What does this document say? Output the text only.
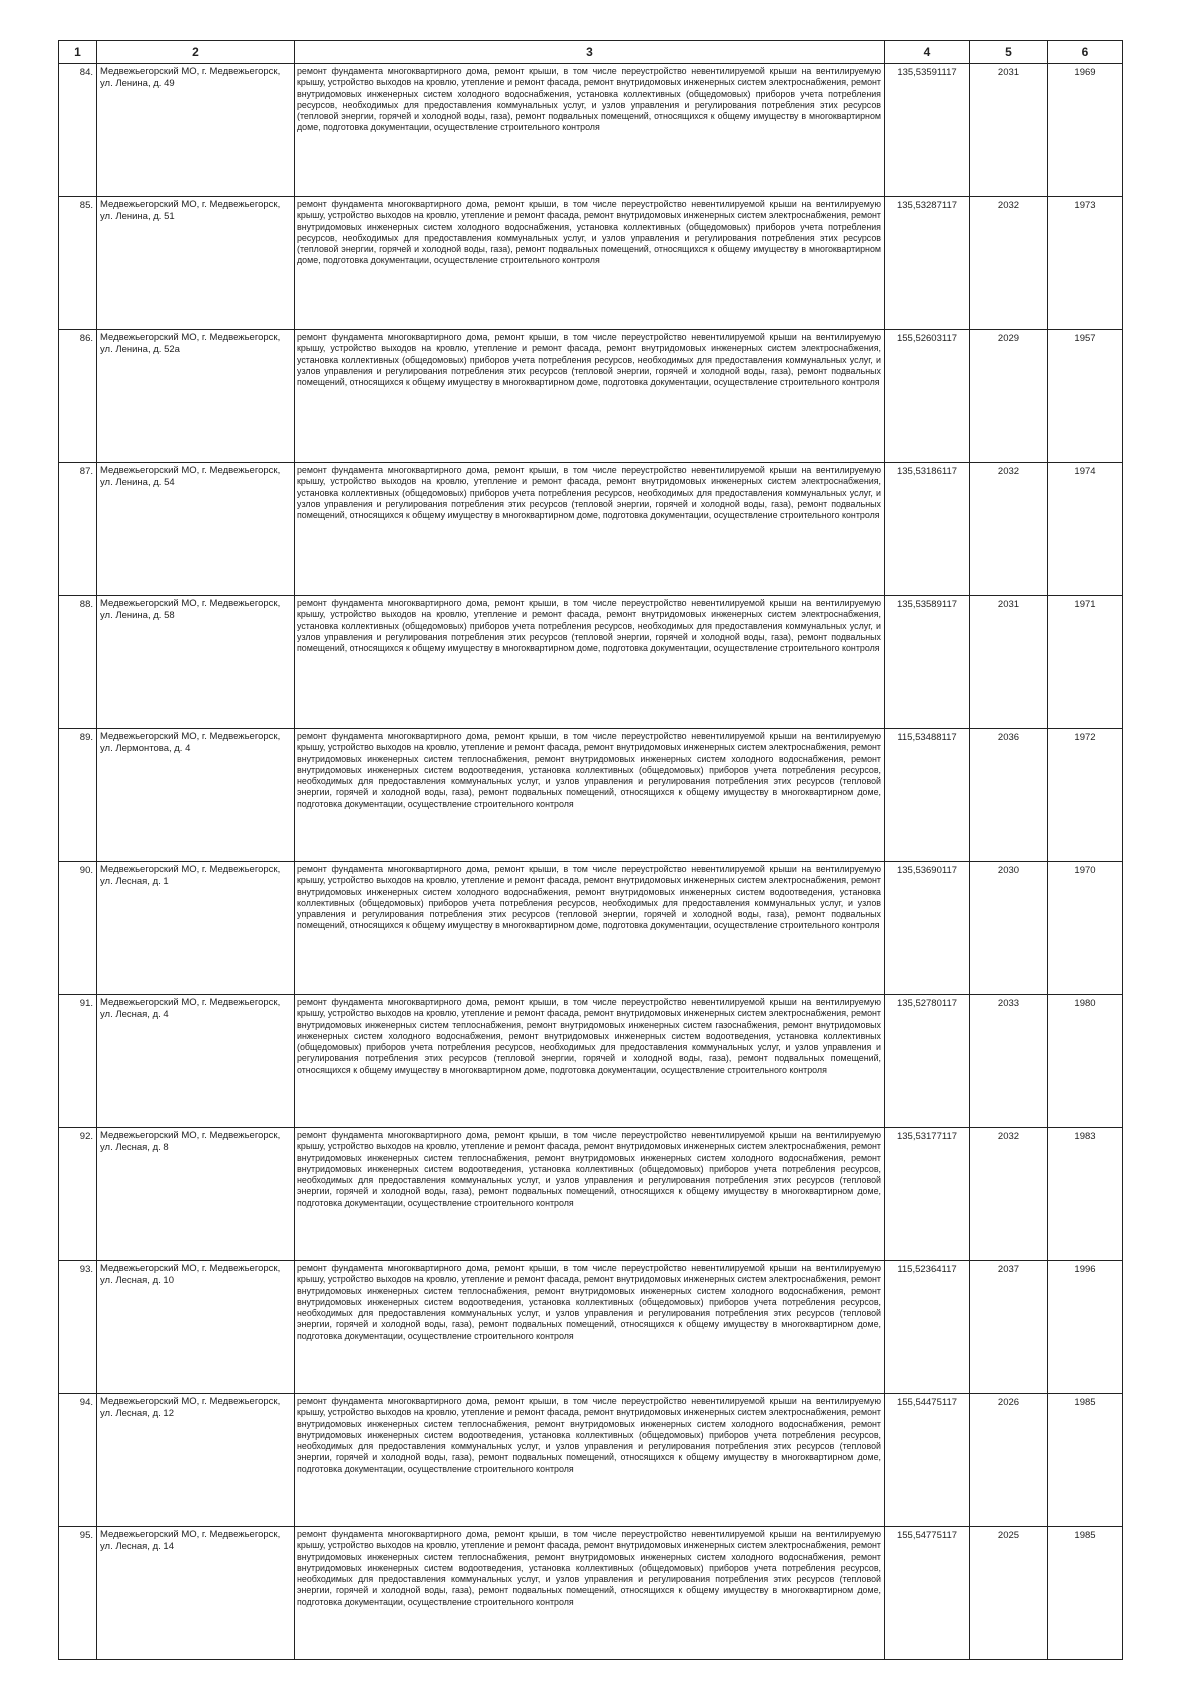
1	2	3	4	5	6
84.	Медвежьегорский МО, г. Медвежьегорск, ул. Ленина, д. 49	ремонт фундамента многоквартирного дома, ремонт крыши, в том числе переустройство невентилируемой крыши на вентилируемую крышу, устройство выходов на кровлю, утепление и ремонт фасада, ремонт внутридомовых инженерных систем электроснабжения, ремонт внутридомовых инженерных систем холодного водоснабжения, установка коллективных (общедомовых) приборов учета потребления ресурсов, необходимых для предоставления коммунальных услуг, и узлов управления и регулирования потребления этих ресурсов (тепловой энергии, горячей и холодной воды, газа), ремонт подвальных помещений, относящихся к общему имуществу в многоквартирном доме, подготовка документации, осуществление строительного контроля	135,53591117	2031	1969
85.	Медвежьегорский МО, г. Медвежьегорск, ул. Ленина, д. 51	ремонт фундамента многоквартирного дома, ремонт крыши, в том числе переустройство невентилируемой крыши на вентилируемую крышу, устройство выходов на кровлю, утепление и ремонт фасада, ремонт внутридомовых инженерных систем электроснабжения, ремонт внутридомовых инженерных систем холодного водоснабжения, установка коллективных (общедомовых) приборов учета потребления ресурсов, необходимых для предоставления коммунальных услуг, и узлов управления и регулирования потребления этих ресурсов (тепловой энергии, горячей и холодной воды, газа), ремонт подвальных помещений, относящихся к общему имуществу в многоквартирном доме, подготовка документации, осуществление строительного контроля	135,53287117	2032	1973
86.	Медвежьегорский МО, г. Медвежьегорск, ул. Ленина, д. 52а	ремонт фундамента многоквартирного дома, ремонт крыши, в том числе переустройство невентилируемой крыши на вентилируемую крышу, устройство выходов на кровлю, утепление и ремонт фасада, ремонт внутридомовых инженерных систем электроснабжения, установка коллективных (общедомовых) приборов учета потребления ресурсов, необходимых для предоставления коммунальных услуг, и узлов управления и регулирования потребления этих ресурсов (тепловой энергии, горячей и холодной воды, газа), ремонт подвальных помещений, относящихся к общему имуществу в многоквартирном доме, подготовка документации, осуществление строительного контроля	155,52603117	2029	1957
87.	Медвежьегорский МО, г. Медвежьегорск, ул. Ленина, д. 54	ремонт фундамента многоквартирного дома, ремонт крыши, в том числе переустройство невентилируемой крыши на вентилируемую крышу, устройство выходов на кровлю, утепление и ремонт фасада, ремонт внутридомовых инженерных систем электроснабжения, установка коллективных (общедомовых) приборов учета потребления ресурсов, необходимых для предоставления коммунальных услуг, и узлов управления и регулирования потребления этих ресурсов (тепловой энергии, горячей и холодной воды, газа), ремонт подвальных помещений, относящихся к общему имуществу в многоквартирном доме, подготовка документации, осуществление строительного контроля	135,53186117	2032	1974
88.	Медвежьегорский МО, г. Медвежьегорск, ул. Ленина, д. 58	ремонт фундамента многоквартирного дома, ремонт крыши, в том числе переустройство невентилируемой крыши на вентилируемую крышу, устройство выходов на кровлю, утепление и ремонт фасада, ремонт внутридомовых инженерных систем электроснабжения, установка коллективных (общедомовых) приборов учета потребления ресурсов, необходимых для предоставления коммунальных услуг, и узлов управления и регулирования потребления этих ресурсов (тепловой энергии, горячей и холодной воды, газа), ремонт подвальных помещений, относящихся к общему имуществу в многоквартирном доме, подготовка документации, осуществление строительного контроля	135,53589117	2031	1971
89.	Медвежьегорский МО, г. Медвежьегорск, ул. Лермонтова, д. 4	ремонт фундамента многоквартирного дома, ремонт крыши, в том числе переустройство невентилируемой крыши на вентилируемую крышу, устройство выходов на кровлю, утепление и ремонт фасада, ремонт внутридомовых инженерных систем электроснабжения, ремонт внутридомовых инженерных систем теплоснабжения, ремонт внутридомовых инженерных систем холодного водоснабжения, ремонт внутридомовых инженерных систем водоотведения, установка коллективных (общедомовых) приборов учета потребления ресурсов, необходимых для предоставления коммунальных услуг, и узлов управления и регулирования потребления этих ресурсов (тепловой энергии, горячей и холодной воды, газа), ремонт подвальных помещений, относящихся к общему имуществу в многоквартирном доме, подготовка документации, осуществление строительного контроля	115,53488117	2036	1972
90.	Медвежьегорский МО, г. Медвежьегорск, ул. Лесная, д. 1	ремонт фундамента многоквартирного дома, ремонт крыши, в том числе переустройство невентилируемой крыши на вентилируемую крышу, устройство выходов на кровлю, утепление и ремонт фасада, ремонт внутридомовых инженерных систем электроснабжения, ремонт внутридомовых инженерных систем холодного водоснабжения, ремонт внутридомовых инженерных систем водоотведения, установка коллективных (общедомовых) приборов учета потребления ресурсов, необходимых для предоставления коммунальных услуг, и узлов управления и регулирования потребления этих ресурсов (тепловой энергии, горячей и холодной воды, газа), ремонт подвальных помещений, относящихся к общему имуществу в многоквартирном доме, подготовка документации, осуществление строительного контроля	135,53690117	2030	1970
91.	Медвежьегорский МО, г. Медвежьегорск, ул. Лесная, д. 4	ремонт фундамента многоквартирного дома, ремонт крыши, в том числе переустройство невентилируемой крыши на вентилируемую крышу, устройство выходов на кровлю, утепление и ремонт фасада, ремонт внутридомовых инженерных систем электроснабжения, ремонт внутридомовых инженерных систем теплоснабжения, ремонт внутридомовых инженерных систем газоснабжения, ремонт внутридомовых инженерных систем холодного водоснабжения, ремонт внутридомовых инженерных систем водоотведения, установка коллективных (общедомовых) приборов учета потребления ресурсов, необходимых для предоставления коммунальных услуг, и узлов управления и регулирования потребления этих ресурсов (тепловой энергии, горячей и холодной воды, газа), ремонт подвальных помещений, относящихся к общему имуществу в многоквартирном доме, подготовка документации, осуществление строительного контроля	135,52780117	2033	1980
92.	Медвежьегорский МО, г. Медвежьегорск, ул. Лесная, д. 8	ремонт фундамента многоквартирного дома, ремонт крыши, в том числе переустройство невентилируемой крыши на вентилируемую крышу, устройство выходов на кровлю, утепление и ремонт фасада, ремонт внутридомовых инженерных систем электроснабжения, ремонт внутридомовых инженерных систем теплоснабжения, ремонт внутридомовых инженерных систем холодного водоснабжения, ремонт внутридомовых инженерных систем водоотведения, установка коллективных (общедомовых) приборов учета потребления ресурсов, необходимых для предоставления коммунальных услуг, и узлов управления и регулирования потребления этих ресурсов (тепловой энергии, горячей и холодной воды, газа), ремонт подвальных помещений, относящихся к общему имуществу в многоквартирном доме, подготовка документации, осуществление строительного контроля	135,53177117	2032	1983
93.	Медвежьегорский МО, г. Медвежьегорск, ул. Лесная, д. 10	ремонт фундамента многоквартирного дома, ремонт крыши, в том числе переустройство невентилируемой крыши на вентилируемую крышу, устройство выходов на кровлю, утепление и ремонт фасада, ремонт внутридомовых инженерных систем электроснабжения, ремонт внутридомовых инженерных систем теплоснабжения, ремонт внутридомовых инженерных систем холодного водоснабжения, ремонт внутридомовых инженерных систем водоотведения, установка коллективных (общедомовых) приборов учета потребления ресурсов, необходимых для предоставления коммунальных услуг, и узлов управления и регулирования потребления этих ресурсов (тепловой энергии, горячей и холодной воды, газа), ремонт подвальных помещений, относящихся к общему имуществу в многоквартирном доме, подготовка документации, осуществление строительного контроля	115,52364117	2037	1996
94.	Медвежьегорский МО, г. Медвежьегорск, ул. Лесная, д. 12	ремонт фундамента многоквартирного дома, ремонт крыши, в том числе переустройство невентилируемой крыши на вентилируемую крышу, устройство выходов на кровлю, утепление и ремонт фасада, ремонт внутридомовых инженерных систем электроснабжения, ремонт внутридомовых инженерных систем теплоснабжения, ремонт внутридомовых инженерных систем холодного водоснабжения, ремонт внутридомовых инженерных систем водоотведения, установка коллективных (общедомовых) приборов учета потребления ресурсов, необходимых для предоставления коммунальных услуг, и узлов управления и регулирования потребления этих ресурсов (тепловой энергии, горячей и холодной воды, газа), ремонт подвальных помещений, относящихся к общему имуществу в многоквартирном доме, подготовка документации, осуществление строительного контроля	155,54475117	2026	1985
95.	Медвежьегорский МО, г. Медвежьегорск, ул. Лесная, д. 14	ремонт фундамента многоквартирного дома, ремонт крыши, в том числе переустройство невентилируемой крыши на вентилируемую крышу, устройство выходов на кровлю, утепление и ремонт фасада, ремонт внутридомовых инженерных систем электроснабжения, ремонт внутридомовых инженерных систем теплоснабжения, ремонт внутридомовых инженерных систем холодного водоснабжения, ремонт внутридомовых инженерных систем водоотведения, установка коллективных (общедомовых) приборов учета потребления ресурсов, необходимых для предоставления коммунальных услуг, и узлов управления и регулирования потребления этих ресурсов (тепловой энергии, горячей и холодной воды, газа), ремонт подвальных помещений, относящихся к общему имуществу в многоквартирном доме, подготовка документации, осуществление строительного контроля	155,54775117	2025	1985
